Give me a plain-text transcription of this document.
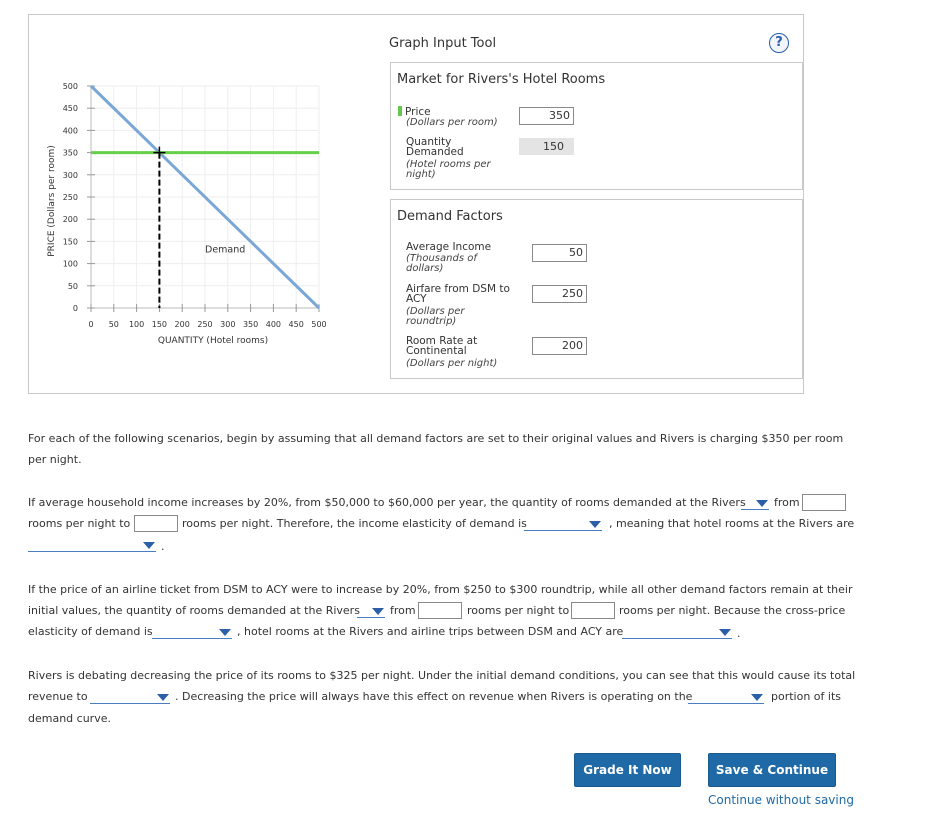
0 50 100 150 200 250 300 350 400 450 500
0
50
100
150
200
250
300
350
400
450
500
QUANTITY (Hotel rooms)
PRICE (Dollars per room)	Demand
Graph Input Tool	?
Market for Rivers's Hotel Rooms
Price
(Dollars per room)
350
Quantity
Demanded
(Hotel rooms per
night)
150
Demand Factors
Average Income
(Thousands of
dollars)
50
Airfare from DSM to
ACY
(Dollars per
roundtrip)
250
Room Rate at
Continental
(Dollars per night)
200
For each of the following scenarios, begin by assuming that all demand factors are set to their original values and Rivers is charging $350 per room
per night.
If average household income increases by 20%, from $50,000 to $60,000 per year, the quantity of rooms demanded at the Rivers	from
rooms per night to	rooms per night. Therefore, the income elasticity of demand is	, meaning that hotel rooms at the Rivers are
.
If the price of an airline ticket from DSM to ACY were to increase by 20%, from $250 to $300 roundtrip, while all other demand factors remain at their
initial values, the quantity of rooms demanded at the Rivers	from	rooms per night to	rooms per night. Because the cross-price
elasticity of demand is	, hotel rooms at the Rivers and airline trips between DSM and ACY are	.
Rivers is debating decreasing the price of its rooms to $325 per night. Under the initial demand conditions, you can see that this would cause its total
revenue to	. Decreasing the price will always have this effect on revenue when Rivers is operating on the	portion of its
demand curve.
Grade It Now	Save & Continue
Continue without saving
